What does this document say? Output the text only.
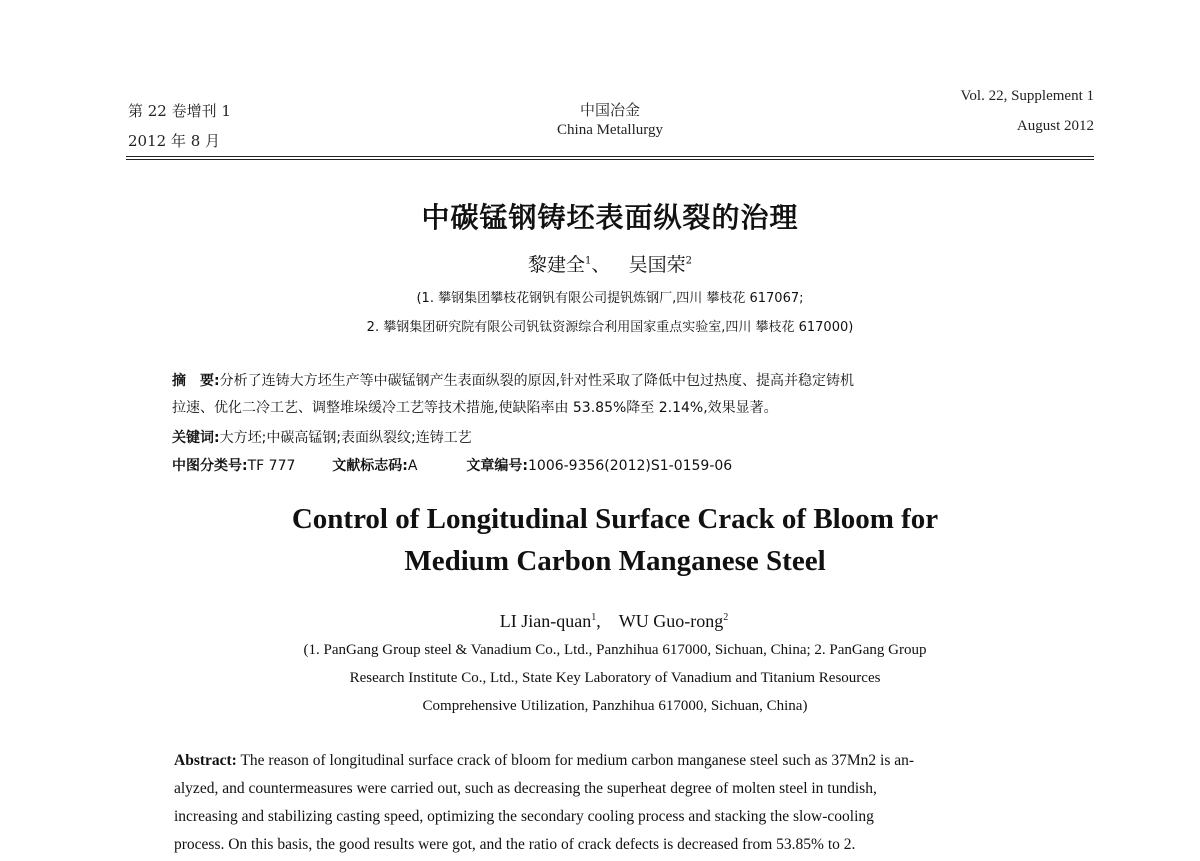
第 22 卷增刊 1
2012 年 8 月
中国冶金
China Metallurgy
Vol. 22, Supplement 1
August 2012
中碳锰钢铸坯表面纵裂的治理
黎建全$^1$、 吴国荣$^2$
(1. 攀钢集团攀枝花钢钒有限公司提钒炼钢厂,四川 攀枝花 617067;
2. 攀钢集团研究院有限公司钒钛资源综合利用国家重点实验室,四川 攀枝花 617000)
摘　要:分析了连铸大方坯生产等中碳锰钢产生表面纵裂的原因,针对性采取了降低中包过热度、提高并稳定铸机
拉速、优化二冷工艺、调整堆垛缓冷工艺等技术措施,使缺陷率由 53.85%降至 2.14%,效果显著。
关键词:大方坯;中碳高锰钢;表面纵裂纹;连铸工艺
中图分类号:TF 777	文献标志码:A	文章编号:1006-9356(2012)S1-0159-06
Control of Longitudinal Surface Crack of Bloom for
Medium Carbon Manganese Steel
LI Jian-quan$^1$, WU Guo-rong$^2$
(1. PanGang Group steel & Vanadium Co., Ltd., Panzhihua 617000, Sichuan, China; 2. PanGang Group
Research Institute Co., Ltd., State Key Laboratory of Vanadium and Titanium Resources
Comprehensive Utilization, Panzhihua 617000, Sichuan, China)
Abstract: The reason of longitudinal surface crack of bloom for medium carbon manganese steel such as 37Mn2 is an-
alyzed, and countermeasures were carried out, such as decreasing the superheat degree of molten steel in tundish,
increasing and stabilizing casting speed, optimizing the secondary cooling process and stacking the slow-cooling
process. On this basis, the good results were got, and the ratio of crack defects is decreased from 53.85% to 2.
